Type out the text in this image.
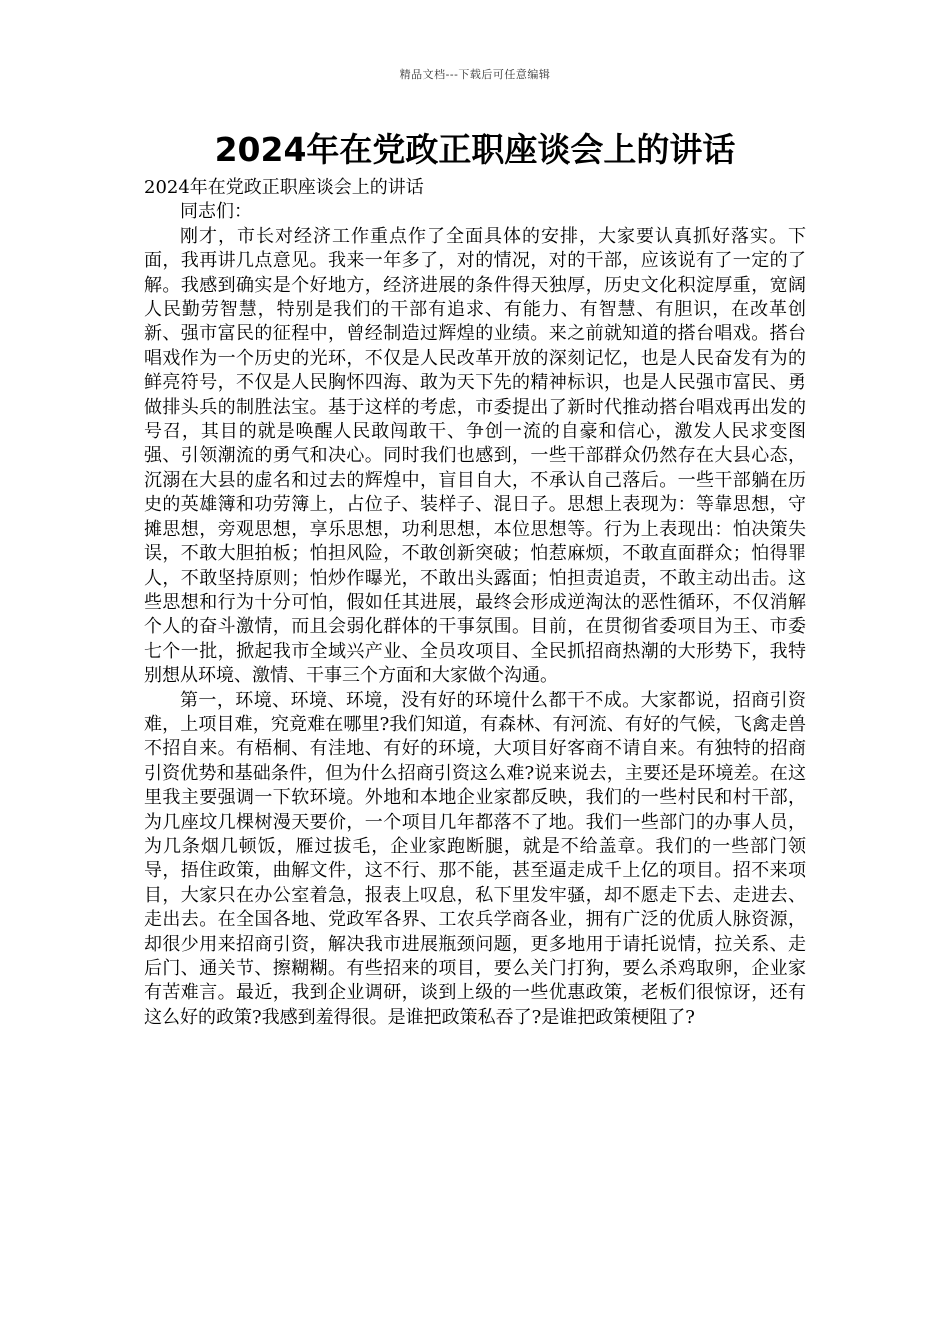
精品文档---下载后可任意编辑
2024年在党政正职座谈会上的讲话

2024年在党政正职座谈会上的讲话

同志们：

刚才，市长对经济工作重点作了全面具体的安排，大家要认真抓好落实。下面，我再讲几点意见。我来一年多了，对的情况，对的干部，应该说有了一定的了解。我感到确实是个好地方，经济进展的条件得天独厚，历史文化积淀厚重，宽阔人民勤劳智慧，特别是我们的干部有追求、有能力、有智慧、有胆识，在改革创新、强市富民的征程中，曾经制造过辉煌的业绩。来之前就知道的搭台唱戏。搭台唱戏作为一个历史的光环，不仅是人民改革开放的深刻记忆，也是人民奋发有为的鲜亮符号，不仅是人民胸怀四海、敢为天下先的精神标识，也是人民强市富民、勇做排头兵的制胜法宝。基于这样的考虑，市委提出了新时代推动搭台唱戏再出发的号召，其目的就是唤醒人民敢闯敢干、争创一流的自豪和信心，激发人民求变图强、引领潮流的勇气和决心。同时我们也感到，一些干部群众仍然存在大县心态，沉溺在大县的虚名和过去的辉煌中，盲目自大，不承认自己落后。一些干部躺在历史的英雄簿和功劳簿上，占位子、装样子、混日子。思想上表现为：等靠思想，守摊思想，旁观思想，享乐思想，功利思想，本位思想等。行为上表现出：怕决策失误，不敢大胆拍板；怕担风险，不敢创新突破；怕惹麻烦，不敢直面群众；怕得罪人，不敢坚持原则；怕炒作曝光，不敢出头露面；怕担责追责，不敢主动出击。这些思想和行为十分可怕，假如任其进展，最终会形成逆淘汰的恶性循环，不仅消解个人的奋斗激情，而且会弱化群体的干事氛围。目前，在贯彻省委项目为王、市委七个一批，掀起我市全域兴产业、全员攻项目、全民抓招商热潮的大形势下，我特别想从环境、激情、干事三个方面和大家做个沟通。

第一，环境、环境、环境，没有好的环境什么都干不成。大家都说，招商引资难，上项目难，究竟难在哪里?我们知道，有森林、有河流、有好的气候，飞禽走兽不招自来。有梧桐、有洼地、有好的环境，大项目好客商不请自来。有独特的招商引资优势和基础条件，但为什么招商引资这么难?说来说去，主要还是环境差。在这里我主要强调一下软环境。外地和本地企业家都反映，我们的一些村民和村干部，为几座坟几棵树漫天要价，一个项目几年都落不了地。我们一些部门的办事人员，为几条烟几顿饭，雁过拔毛，企业家跑断腿，就是不给盖章。我们的一些部门领导，捂住政策，曲解文件，这不行、那不能，甚至逼走成千上亿的项目。招不来项目，大家只在办公室着急，报表上叹息，私下里发牢骚，却不愿走下去、走进去、走出去。在全国各地、党政军各界、工农兵学商各业，拥有广泛的优质人脉资源，却很少用来招商引资，解决我市进展瓶颈问题，更多地用于请托说情，拉关系、走后门、通关节、擦糊糊。有些招来的项目，要么关门打狗，要么杀鸡取卵，企业家有苦难言。最近，我到企业调研，谈到上级的一些优惠政策，老板们很惊讶，还有这么好的政策?我感到羞得很。是谁把政策私吞了?是谁把政策梗阻了?
